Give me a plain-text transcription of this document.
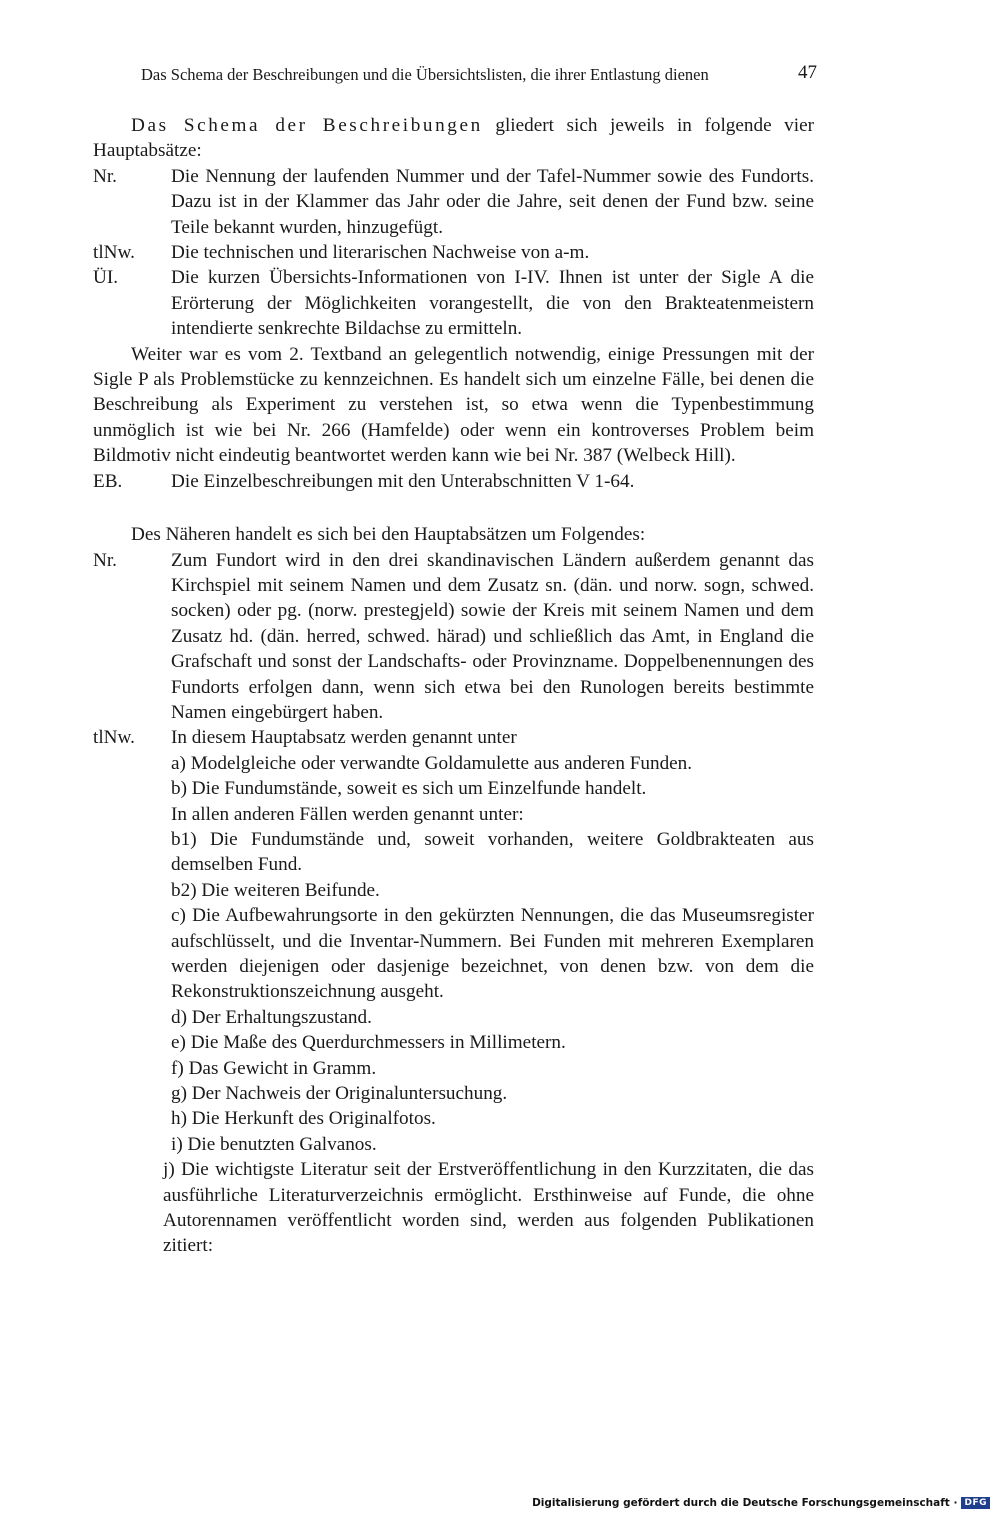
Das Schema der Beschreibungen und die Übersichtslisten, die ihrer Entlastung dienen	47

Das Schema der Beschreibungen gliedert sich jeweils in folgende vier Hauptabsätze:

Nr.	Die Nennung der laufenden Nummer und der Tafel-Nummer sowie des Fundorts. Dazu ist in der Klammer das Jahr oder die Jahre, seit denen der Fund bzw. seine Teile bekannt wurden, hinzugefügt.
tlNw.	Die technischen und literarischen Nachweise von a-m.
ÜI.	Die kurzen Übersichts-Informationen von I-IV. Ihnen ist unter der Sigle A die Erörterung der Möglichkeiten vorangestellt, die von den Brakteatenmeistern intendierte senkrechte Bildachse zu ermitteln.

Weiter war es vom 2. Textband an gelegentlich notwendig, einige Pressungen mit der Sigle P als Problemstücke zu kennzeichnen. Es handelt sich um einzelne Fälle, bei denen die Beschreibung als Experiment zu verstehen ist, so etwa wenn die Typenbestimmung unmöglich ist wie bei Nr. 266 (Hamfelde) oder wenn ein kontroverses Problem beim Bildmotiv nicht eindeutig beantwortet werden kann wie bei Nr. 387 (Welbeck Hill).

EB.	Die Einzelbeschreibungen mit den Unterabschnitten V 1-64.

Des Näheren handelt es sich bei den Hauptabsätzen um Folgendes:

Nr.	Zum Fundort wird in den drei skandinavischen Ländern außerdem genannt das Kirchspiel mit seinem Namen und dem Zusatz sn. (dän. und norw. sogn, schwed. socken) oder pg. (norw. prestegjeld) sowie der Kreis mit seinem Namen und dem Zusatz hd. (dän. herred, schwed. härad) und schließlich das Amt, in England die Grafschaft und sonst der Landschafts- oder Provinzname. Doppelbenennungen des Fundorts erfolgen dann, wenn sich etwa bei den Runologen bereits bestimmte Namen eingebürgert haben.
tlNw.	In diesem Hauptabsatz werden genannt unter
a) Modelgleiche oder verwandte Goldamulette aus anderen Funden.
b) Die Fundumstände, soweit es sich um Einzelfunde handelt.
In allen anderen Fällen werden genannt unter:
b1) Die Fundumstände und, soweit vorhanden, weitere Goldbrakteaten aus demselben Fund.
b2) Die weiteren Beifunde.
c) Die Aufbewahrungsorte in den gekürzten Nennungen, die das Museumsregister aufschlüsselt, und die Inventar-Nummern. Bei Funden mit mehreren Exemplaren werden diejenigen oder dasjenige bezeichnet, von denen bzw. von dem die Rekonstruktionszeichnung ausgeht.
d) Der Erhaltungszustand.
e) Die Maße des Querdurchmessers in Millimetern.
f) Das Gewicht in Gramm.
g) Der Nachweis der Originaluntersuchung.
h) Die Herkunft des Originalfotos.
i) Die benutzten Galvanos.
j) Die wichtigste Literatur seit der Erstveröffentlichung in den Kurzzitaten, die das ausführliche Literaturverzeichnis ermöglicht. Ersthinweise auf Funde, die ohne Autorennamen veröffentlicht worden sind, werden aus folgenden Publikationen zitiert:
Digitalisierung gefördert durch die Deutsche Forschungsgemeinschaft · DFG
